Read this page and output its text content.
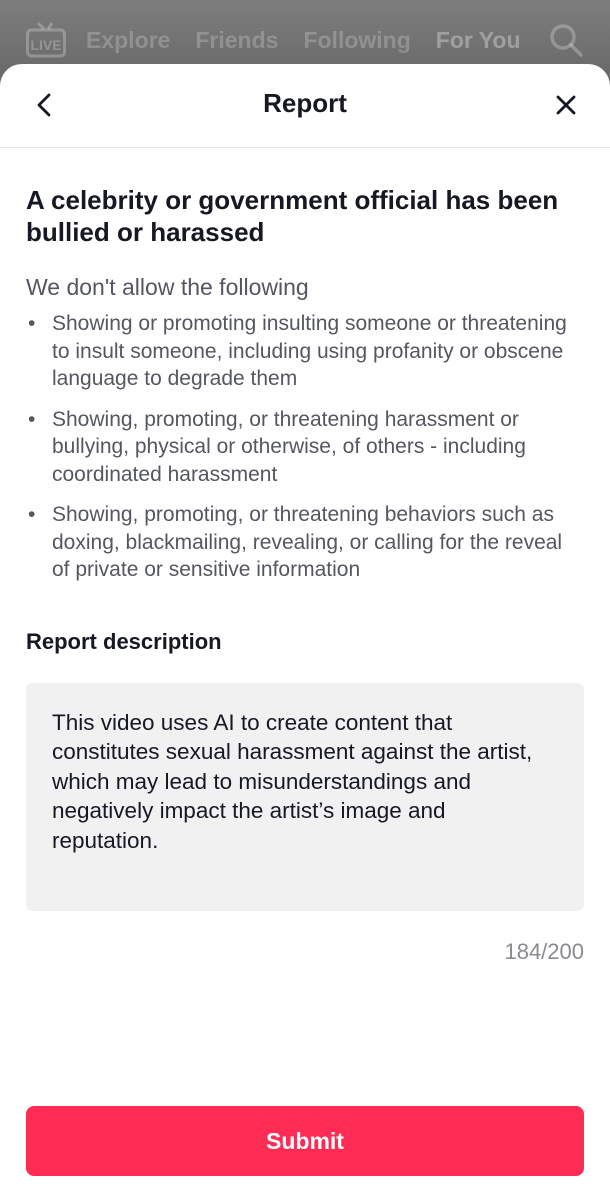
LIVE Explore Friends Following For You
Report
A celebrity or government official has been bullied or harassed
We don't allow the following
• Showing or promoting insulting someone or threatening to insult someone, including using profanity or obscene language to degrade them
• Showing, promoting, or threatening harassment or bullying, physical or otherwise, of others - including coordinated harassment
• Showing, promoting, or threatening behaviors such as doxing, blackmailing, revealing, or calling for the reveal of private or sensitive information
Report description
This video uses AI to create content that constitutes sexual harassment against the artist, which may lead to misunderstandings and negatively impact the artist’s image and reputation.
184/200
Submit
